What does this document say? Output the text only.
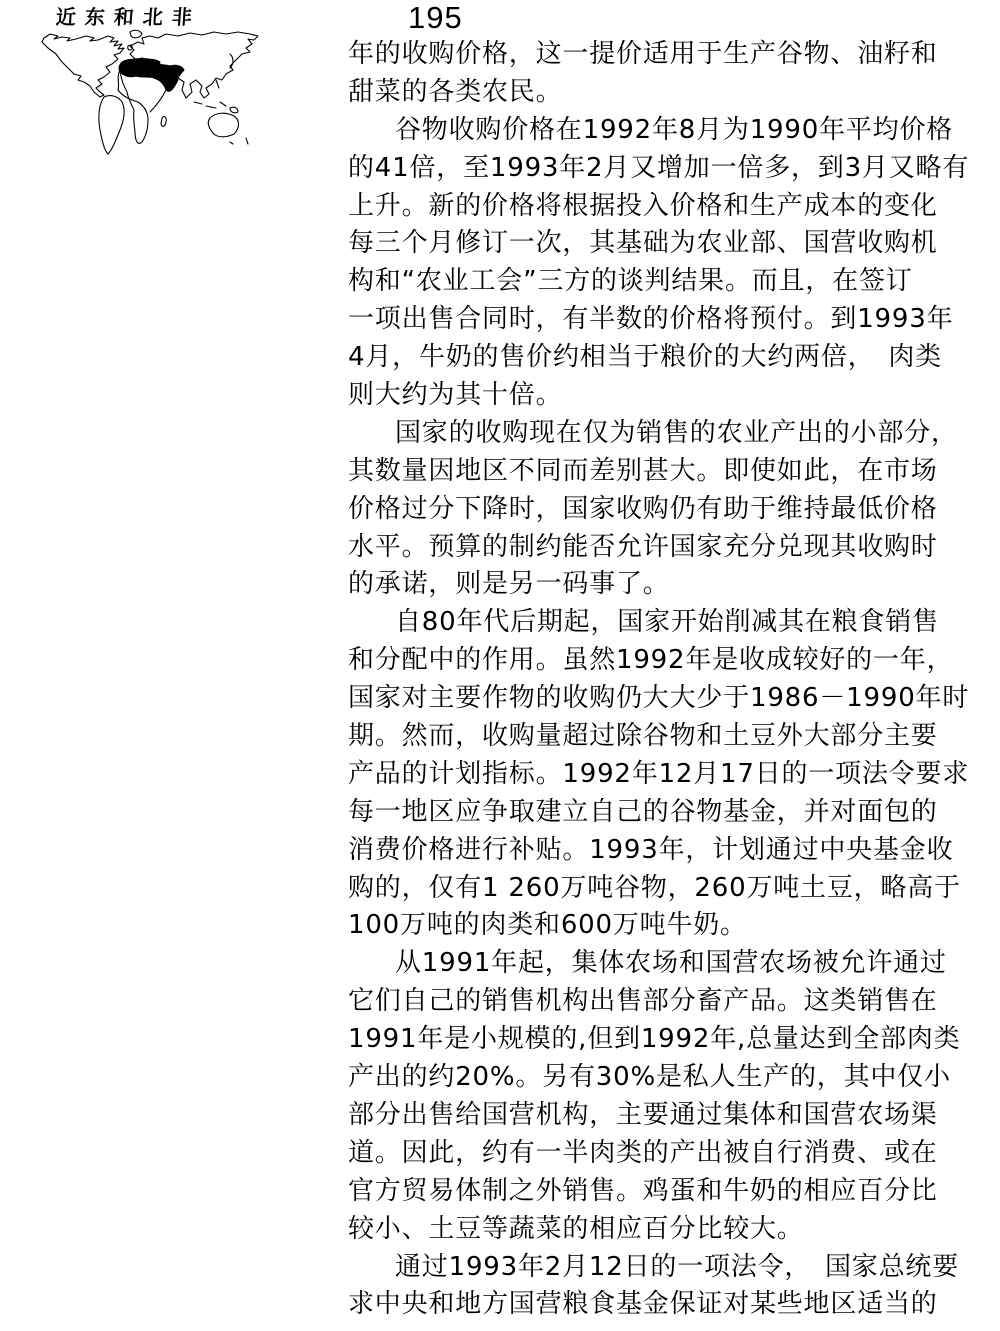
近东和北非	195
年的收购价格，这一提价适用于生产谷物、油籽和
甜菜的各类农民。
谷物收购价格在1992年8月为1990年平均价格
的41倍，至1993年2月又增加一倍多，到3月又略有
上升。新的价格将根据投入价格和生产成本的变化
每三个月修订一次，其基础为农业部、国营收购机
构和“农业工会”三方的谈判结果。而且，在签订
一项出售合同时，有半数的价格将预付。到1993年
4月，牛奶的售价约相当于粮价的大约两倍，　肉类
则大约为其十倍。
国家的收购现在仅为销售的农业产出的小部分，
其数量因地区不同而差别甚大。即使如此，在市场
价格过分下降时，国家收购仍有助于维持最低价格
水平。预算的制约能否允许国家充分兑现其收购时
的承诺，则是另一码事了。
自80年代后期起，国家开始削减其在粮食销售
和分配中的作用。虽然1992年是收成较好的一年，
国家对主要作物的收购仍大大少于1986－1990年时
期。然而，收购量超过除谷物和土豆外大部分主要
产品的计划指标。1992年12月17日的一项法令要求
每一地区应争取建立自己的谷物基金，并对面包的
消费价格进行补贴。1993年，计划通过中央基金收
购的，仅有1 260万吨谷物，260万吨土豆，略高于
100万吨的肉类和600万吨牛奶。
从1991年起，集体农场和国营农场被允许通过
它们自己的销售机构出售部分畜产品。这类销售在
1991年是小规模的,但到1992年,总量达到全部肉类
产出的约20%。另有30%是私人生产的，其中仅小
部分出售给国营机构，主要通过集体和国营农场渠
道。因此，约有一半肉类的产出被自行消费、或在
官方贸易体制之外销售。鸡蛋和牛奶的相应百分比
较小、土豆等蔬菜的相应百分比较大。
通过1993年2月12日的一项法令，　国家总统要
求中央和地方国营粮食基金保证对某些地区适当的
